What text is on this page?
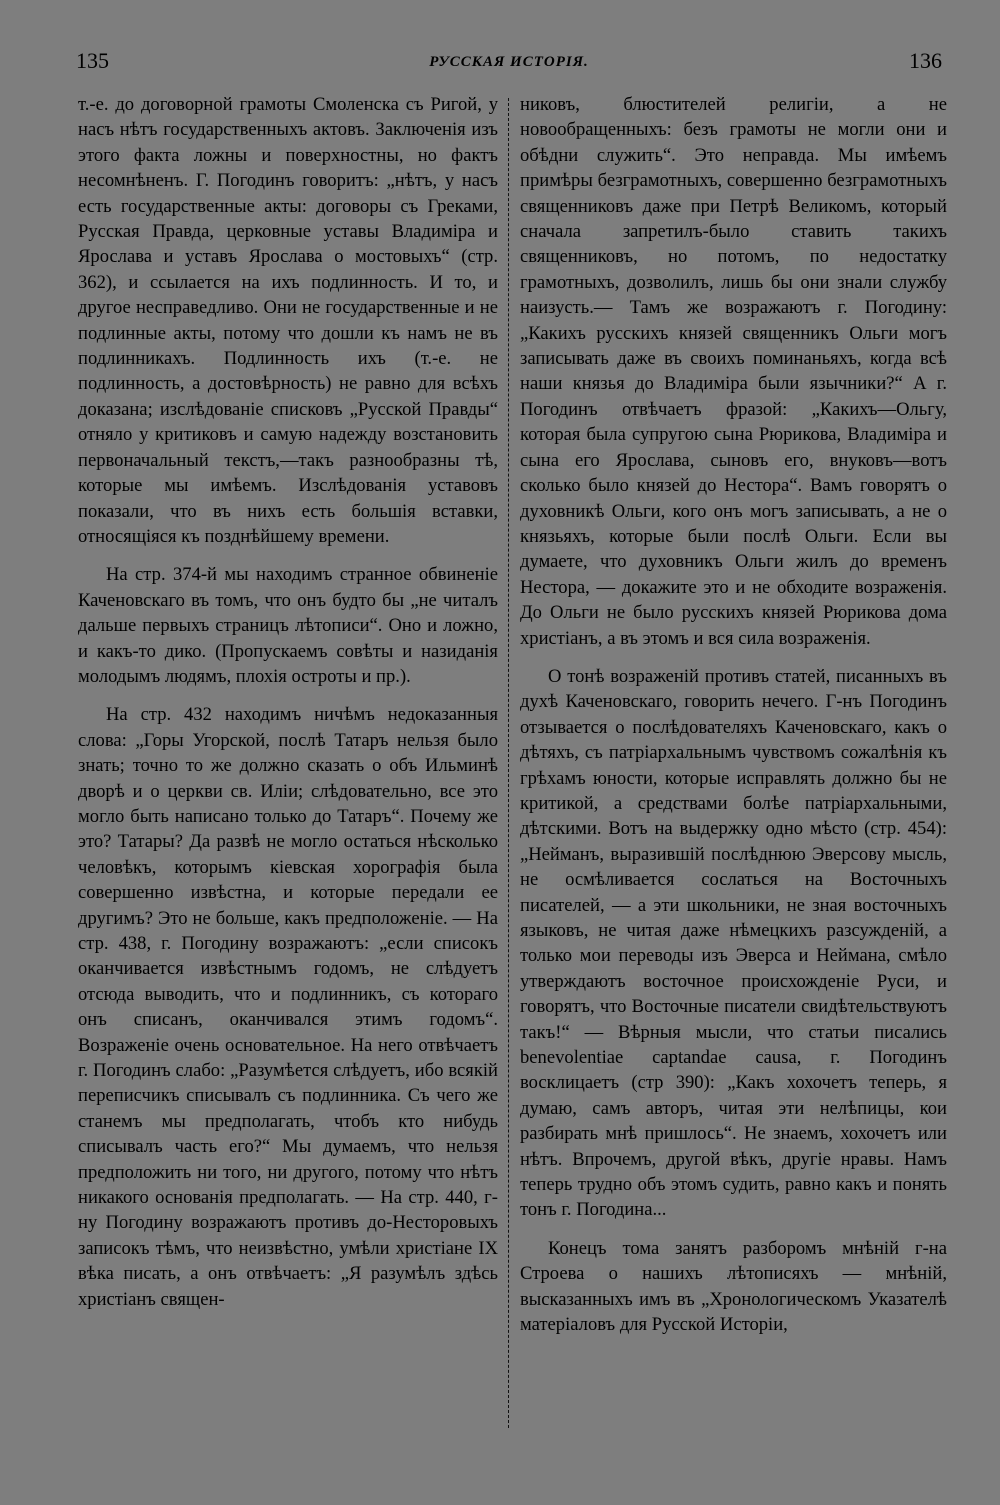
135	РУССКАЯ ИСТОРІЯ.	136

т.-е. до договорной грамоты Смоленска съ Ригой, у насъ нѣтъ государственныхъ актовъ. Заключенія изъ этого факта ложны и поверхностны, но фактъ несомнѣненъ. Г. Погодинъ говоритъ: „нѣтъ, у насъ есть государственные акты: договоры съ Греками, Русская Правда, церковные уставы Владиміра и Ярослава и уставъ Ярослава о мостовыхъ“ (стр. 362), и ссылается на ихъ подлинность. И то, и другое несправедливо. Они не государственные и не подлинные акты, потому что дошли къ намъ не въ подлинникахъ. Подлинность ихъ (т.-е. не подлинность, а достовѣрность) не равно для всѣхъ доказана; изслѣдованіе списковъ „Русской Правды“ отняло у критиковъ и самую надежду возстановить первоначальный текстъ,—такъ разнообразны тѣ, которые мы имѣемъ. Изслѣдованія уставовъ показали, что въ нихъ есть большія вставки, относящіяся къ позднѣйшему времени.

На стр. 374-й мы находимъ странное обвиненіе Каченовскаго въ томъ, что онъ будто бы „не читалъ дальше первыхъ страницъ лѣтописи“. Оно и ложно, и какъ-то дико. (Пропускаемъ совѣты и назиданія молодымъ людямъ, плохія остроты и пр.).

На стр. 432 находимъ ничѣмъ недоказанныя слова: „Горы Угорской, послѣ Татаръ нельзя было знать; точно то же должно сказать о объ Ильминѣ дворѣ и о церкви св. Иліи; слѣдовательно, все это могло быть написано только до Татаръ“. Почему же это? Татары? Да развѣ не могло остаться нѣсколько человѣкъ, которымъ кіевская хорографія была совершенно извѣстна, и которые передали ее другимъ? Это не больше, какъ предположеніе. — На стр. 438, г. Погодину возражаютъ: „если списокъ оканчивается извѣстнымъ годомъ, не слѣдуетъ отсюда выводить, что и подлинникъ, съ котораго онъ списанъ, оканчивался этимъ годомъ“. Возраженіе очень основательное. На него отвѣчаетъ г. Погодинъ слабо: „Разумѣется слѣдуетъ, ибо всякій переписчикъ списывалъ съ подлинника. Съ чего же станемъ мы предполагать, чтобъ кто нибудь списывалъ часть его?“ Мы думаемъ, что нельзя предположить ни того, ни другого, потому что нѣтъ никакого основанія предполагать. — На стр. 440, г-ну Погодину возражаютъ противъ до-Несторовыхъ записокъ тѣмъ, что неизвѣстно, умѣли христіане IX вѣка писать, а онъ отвѣчаетъ: „Я разумѣлъ здѣсь христіанъ священ-

никовъ, блюстителей религіи, а не новообращенныхъ: безъ грамоты не могли они и обѣдни служить“. Это неправда. Мы имѣемъ примѣры безграмотныхъ, совершенно безграмотныхъ священниковъ даже при Петрѣ Великомъ, который сначала запретилъ-было ставить такихъ священниковъ, но потомъ, по недостатку грамотныхъ, дозволилъ, лишь бы они знали службу наизусть.— Тамъ же возражаютъ г. Погодину: „Какихъ русскихъ князей священникъ Ольги могъ записывать даже въ своихъ поминаньяхъ, когда всѣ наши князья до Владиміра были язычники?“ А г. Погодинъ отвѣчаетъ фразой: „Какихъ—Ольгу, которая была супругою сына Рюрикова, Владиміра и сына его Ярослава, сыновъ его, внуковъ—вотъ сколько было князей до Нестора“. Вамъ говорятъ о духовникѣ Ольги, кого онъ могъ записывать, а не о князьяхъ, которые были послѣ Ольги. Если вы думаете, что духовникъ Ольги жилъ до временъ Нестора, — докажите это и не обходите возраженія. До Ольги не было русскихъ князей Рюрикова дома христіанъ, а въ этомъ и вся сила возраженія.

О тонѣ возраженій противъ статей, писанныхъ въ духѣ Каченовскаго, говорить нечего. Г-нъ Погодинъ отзывается о послѣдователяхъ Каченовскаго, какъ о дѣтяхъ, съ патріархальнымъ чувствомъ сожалѣнія къ грѣхамъ юности, которые исправлять должно бы не критикой, а средствами болѣе патріархальными, дѣтскими. Вотъ на выдержку одно мѣсто (стр. 454): „Нейманъ, выразившій послѣднюю Эверсову мысль, не осмѣливается сослаться на Восточныхъ писателей, — а эти школьники, не зная восточныхъ языковъ, не читая даже нѣмецкихъ разсужденій, а только мои переводы изъ Эверса и Неймана, смѣло утверждаютъ восточное происхожденіе Руси, и говорятъ, что Восточные писатели свидѣтельствуютъ такъ!“ — Вѣрныя мысли, что статьи писались benevolentiae captandae causa, г. Погодинъ восклицаетъ (стр 390): „Какъ хохочетъ теперь, я думаю, самъ авторъ, читая эти нелѣпицы, кои разбирать мнѣ пришлось“. Не знаемъ, хохочетъ или нѣтъ. Впрочемъ, другой вѣкъ, другіе нравы. Намъ теперь трудно объ этомъ судить, равно какъ и понять тонъ г. Погодина...

Конецъ тома занятъ разборомъ мнѣній г-на Строева о нашихъ лѣтописяхъ — мнѣній, высказанныхъ имъ въ „Хронологическомъ Указателѣ матеріаловъ для Русской Исторіи,
